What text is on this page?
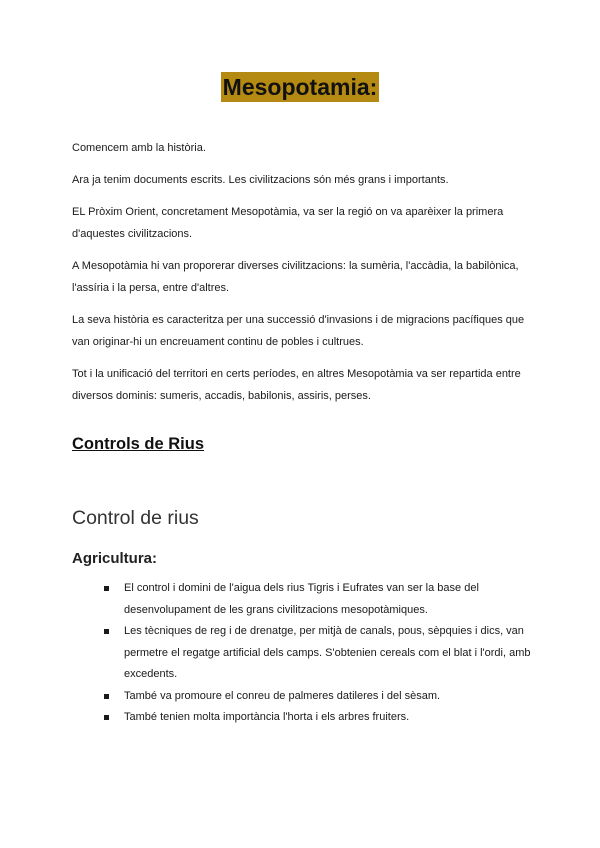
Mesopotamia:

Comencem amb la història.

Ara ja tenim documents escrits. Les civilitzacions són més grans i importants.

EL Pròxim Orient, concretament Mesopotàmia, va ser la regió on va aparèixer la primera d'aquestes civilitzacions.

A Mesopotàmia hi van proporerar diverses civilitzacions: la sumèria, l'accàdia, la babilònica, l'assíria i la persa, entre d'altres.

La seva història es caracteritza per una successió d'invasions i de migracions pacífiques que van originar-hi un encreuament continu de pobles i cultrues.

Tot i la unificació del territori en certs períodes, en altres Mesopotàmia va ser repartida entre diversos dominis: sumeris, accadis, babilonis, assiris, perses.

Controls de Rius
Control de rius
Agricultura:
El control i domini de l'aigua dels rius Tigris i Eufrates van ser la base del desenvolupament de les grans civilitzacions mesopotàmiques.
Les tècniques de reg i de drenatge, per mitjà de canals, pous, sèpquies i dics, van permetre el regatge artificial dels camps. S'obtenien cereals com el blat i l'ordi, amb excedents.
També va promoure el conreu de palmeres datileres i del sèsam.
També tenien molta importància l'horta i els arbres fruiters.
